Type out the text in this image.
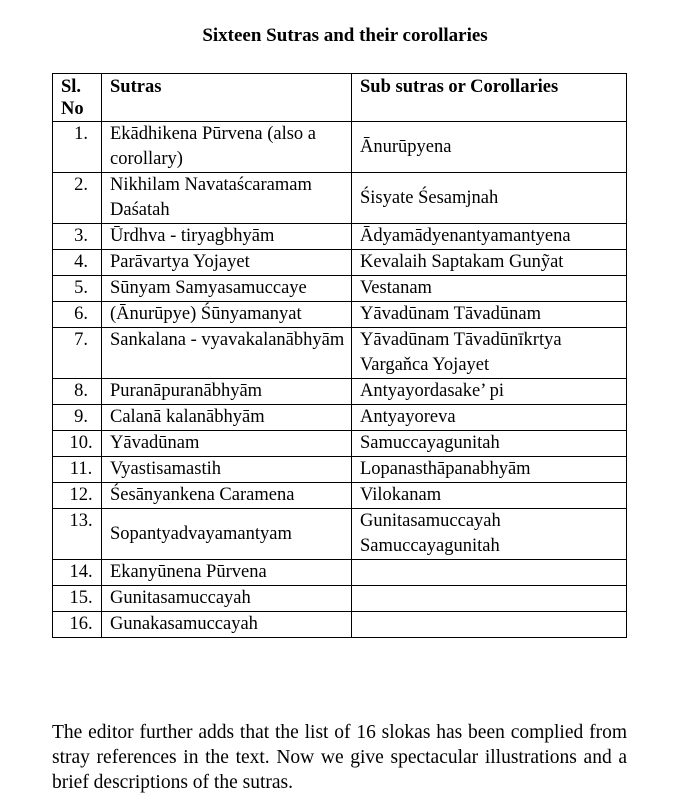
Sixteen Sutras and their corollaries
Sl. No	Sutras	Sub sutras or Corollaries
1.	Ekādhikena Pūrvena (also a corollary)	Ānurūpyena
2.	Nikhilam Navataścaramam Daśatah	Śisyate Śesamjnah
3.	Ūrdhva - tiryagbhyām	Ādyamādyenantyamantyena
4.	Parāvartya Yojayet	Kevalaih Saptakam Gunỹat
5.	Sūnyam Samyasamuccaye	Vestanam
6.	(Ānurūpye) Śūnyamanyat	Yāvadūnam Tāvadūnam
7.	Sankalana - vyavakalanābhyām	Yāvadūnam Tāvadūnīkrtya Vargaňca Yojayet
8.	Puranāpuranābhyām	Antyayordasake’ pi
9.	Calanā kalanābhyām	Antyayoreva
10.	Yāvadūnam	Samuccayagunitah
11.	Vyastisamastih	Lopanasthāpanabhyām
12.	Śesānyankena Caramena	Vilokanam
13.	Sopantyadvayamantyam	Gunitasamuccayah Samuccayagunitah
14.	Ekanyūnena Pūrvena	
15.	Gunitasamuccayah	
16.	Gunakasamuccayah	

The editor further adds that the list of 16 slokas has been complied from stray references in the text. Now we give spectacular illustrations and a brief descriptions of the sutras.
